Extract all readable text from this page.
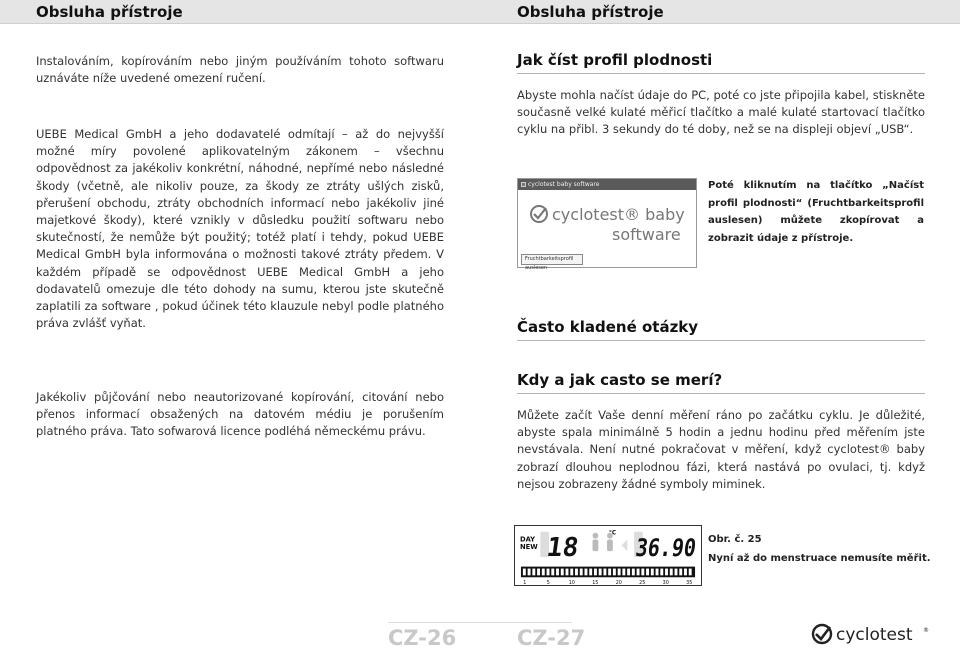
Obsluha přístroje
Instalováním, kopírováním nebo jiným používáním tohoto softwaru uznáváte níže uvedené omezení ručení.
UEBE Medical GmbH a jeho dodavatelé odmítají – až do nejvyšší možné míry povolené aplikovatelným zákonem – všechnu odpovědnost za jakékoliv konkrétní, náhodné, nepřímé nebo následné škody (včetně, ale nikoliv pouze, za škody ze ztráty ušlých zisků, přerušení obchodu, ztráty obchodních informací nebo jakékoliv jiné majetkové škody), které vznikly v důsledku použití softwaru nebo skutečností, že nemůže být použitý; totéž platí i tehdy, pokud UEBE Medical GmbH byla informována o možnosti takové ztráty předem. V každém případě se odpovědnost UEBE Medical GmbH a jeho dodavatelů omezuje dle této dohody na sumu, kterou jste skutečně zaplatili za software , pokud účinek této klauzule nebyl podle platného práva zvlášť vyňat.
Jakékoliv půjčování nebo neautorizované kopírování, citování nebo přenos informací obsažených na datovém médiu je porušením platného práva. Tato sofwarová licence podléhá německému právu.
CZ-26
Obsluha přístroje
Jak číst profil plodnosti
Abyste mohla načíst údaje do PC, poté co jste připojila kabel, stiskněte současně velké kulaté měřicí tlačítko a malé kulaté startovací tlačítko cyklu na přibl. 3 sekundy do té doby, než se na displeji objeví „USB“.
cyclotest baby software
cyclotest® baby
software
Fruchtbarkeitsprofil auslesen
Poté kliknutím na tlačítko „Načíst profil plodnosti“ (Fruchtbarkeitsprofil auslesen) můžete zkopírovat a zobrazit údaje z přístroje.
Často kladené otázky
Kdy a jak casto se merí?
Můžete začít Vaše denní měření ráno po začátku cyklu. Je důležité, abyste spala minimálně 5 hodin a jednu hodinu před měřením jste nevstávala. Není nutné pokračovat v měření, když cyclotest® baby zobrazí dlouhou neplodnou fázi, která nastává po ovulaci, tj. když nejsou zobrazeny žádné symboly miminek.
DAY
NEW 18 36.90
°C
1	5	10	15	20	25	30	35
Obr. č. 25
Nyní až do menstruace nemusíte měřit.
CZ-27	cyclotest ®
